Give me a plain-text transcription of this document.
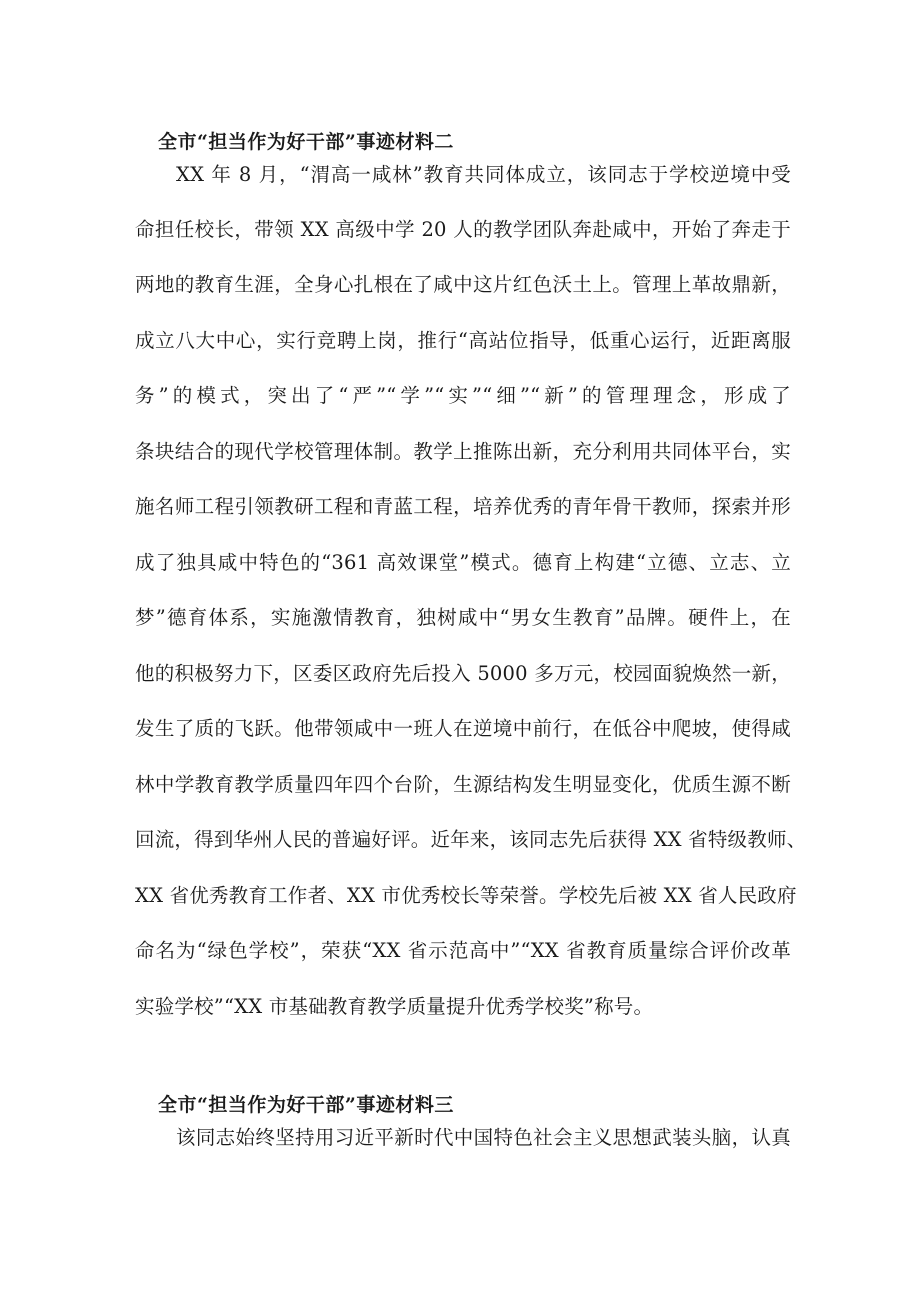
全市“担当作为好干部”事迹材料二
XX 年 8 月，“渭高一咸林”教育共同体成立，该同志于学校逆境中受
命担任校长，带领 XX 高级中学 20 人的教学团队奔赴咸中，开始了奔走于
两地的教育生涯，全身心扎根在了咸中这片红色沃土上。管理上革故鼎新，
成立八大中心，实行竞聘上岗，推行“高站位指导，低重心运行，近距离服
务”的模式，突出了“严”“学”“实”“细”“新”的管理理念，形成了
条块结合的现代学校管理体制。教学上推陈出新，充分利用共同体平台，实
施名师工程引领教研工程和青蓝工程，培养优秀的青年骨干教师，探索并形
成了独具咸中特色的“361 高效课堂”模式。德育上构建“立德、立志、立
梦”德育体系，实施激情教育，独树咸中“男女生教育”品牌。硬件上，在
他的积极努力下，区委区政府先后投入 5000 多万元，校园面貌焕然一新，
发生了质的飞跃。他带领咸中一班人在逆境中前行，在低谷中爬坡，使得咸
林中学教育教学质量四年四个台阶，生源结构发生明显变化，优质生源不断
回流，得到华州人民的普遍好评。近年来，该同志先后获得 XX 省特级教师、
XX 省优秀教育工作者、XX 市优秀校长等荣誉。学校先后被 XX 省人民政府
命名为“绿色学校”，荣获“XX 省示范高中”“XX 省教育质量综合评价改革
实验学校”“XX 市基础教育教学质量提升优秀学校奖”称号。
全市“担当作为好干部”事迹材料三
该同志始终坚持用习近平新时代中国特色社会主义思想武装头脑，认真
